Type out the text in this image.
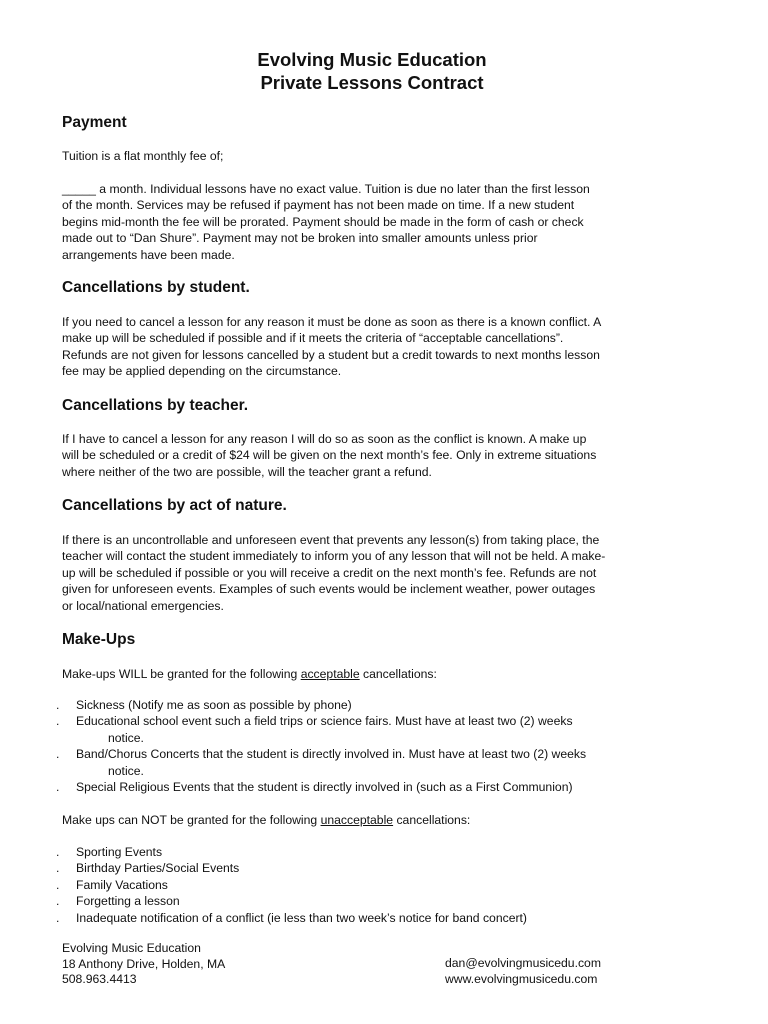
Evolving Music Education
Private Lessons Contract
Payment

Tuition is a flat monthly fee of;

_____ a month. Individual lessons have no exact value. Tuition is due no later than the first lesson
of the month. Services may be refused if payment has not been made on time. If a new student
begins mid-month the fee will be prorated. Payment should be made in the form of cash or check
made out to “Dan Shure”. Payment may not be broken into smaller amounts unless prior
arrangements have been made.
Cancellations by student.
If you need to cancel a lesson for any reason it must be done as soon as there is a known conflict. A
make up will be scheduled if possible and if it meets the criteria of “acceptable cancellations”.
Refunds are not given for lessons cancelled by a student but a credit towards to next months lesson
fee may be applied depending on the circumstance.
Cancellations by teacher.
If I have to cancel a lesson for any reason I will do so as soon as the conflict is known. A make up
will be scheduled or a credit of $24 will be given on the next month’s fee. Only in extreme situations
where neither of the two are possible, will the teacher grant a refund.
Cancellations by act of nature.
If there is an uncontrollable and unforeseen event that prevents any lesson(s) from taking place, the
teacher will contact the student immediately to inform you of any lesson that will not be held. A make-
up will be scheduled if possible or you will receive a credit on the next month’s fee. Refunds are not
given for unforeseen events. Examples of such events would be inclement weather, power outages
or local/national emergencies.
Make-Ups

Make-ups WILL be granted for the following acceptable cancellations:

. Sickness (Notify me as soon as possible by phone)
. Educational school event such a field trips or science fairs. Must have at least two (2) weeks
notice.
. Band/Chorus Concerts that the student is directly involved in. Must have at least two (2) weeks
notice.
. Special Religious Events that the student is directly involved in (such as a First Communion)

Make ups can NOT be granted for the following unacceptable cancellations:

. Sporting Events
. Birthday Parties/Social Events
. Family Vacations
. Forgetting a lesson
. Inadequate notification of a conflict (ie less than two week’s notice for band concert)
Evolving Music Education
18 Anthony Drive, Holden, MA
508.963.4413
dan@evolvingmusicedu.com
www.evolvingmusicedu.com
